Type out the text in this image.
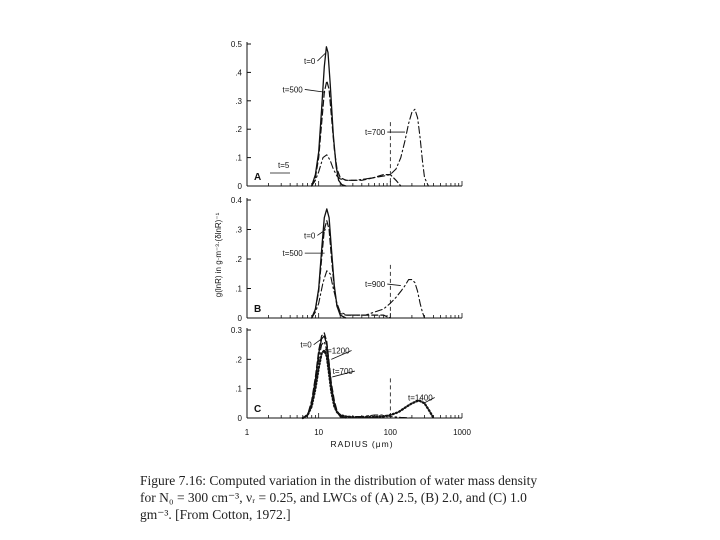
0
.1
.2
.3
.4
0.5
t=0
t=500
t=700
t=5
A
0
.1
.2
.3
0.4
t=0
t=500
t=900
B
0
.1
.2
0.3
1	10	100	1000
t=0
t=1200
t=700
t=1400
C
RADIUS (μm)
g(lnR) in g·m⁻³·(δlnR)⁻¹
Figure 7.16: Computed variation in the distribution of water mass density
for N₀ = 300 cm⁻³, νᵣ = 0.25, and LWCs of (A) 2.5, (B) 2.0, and (C) 1.0
gm⁻³. [From Cotton, 1972.]
